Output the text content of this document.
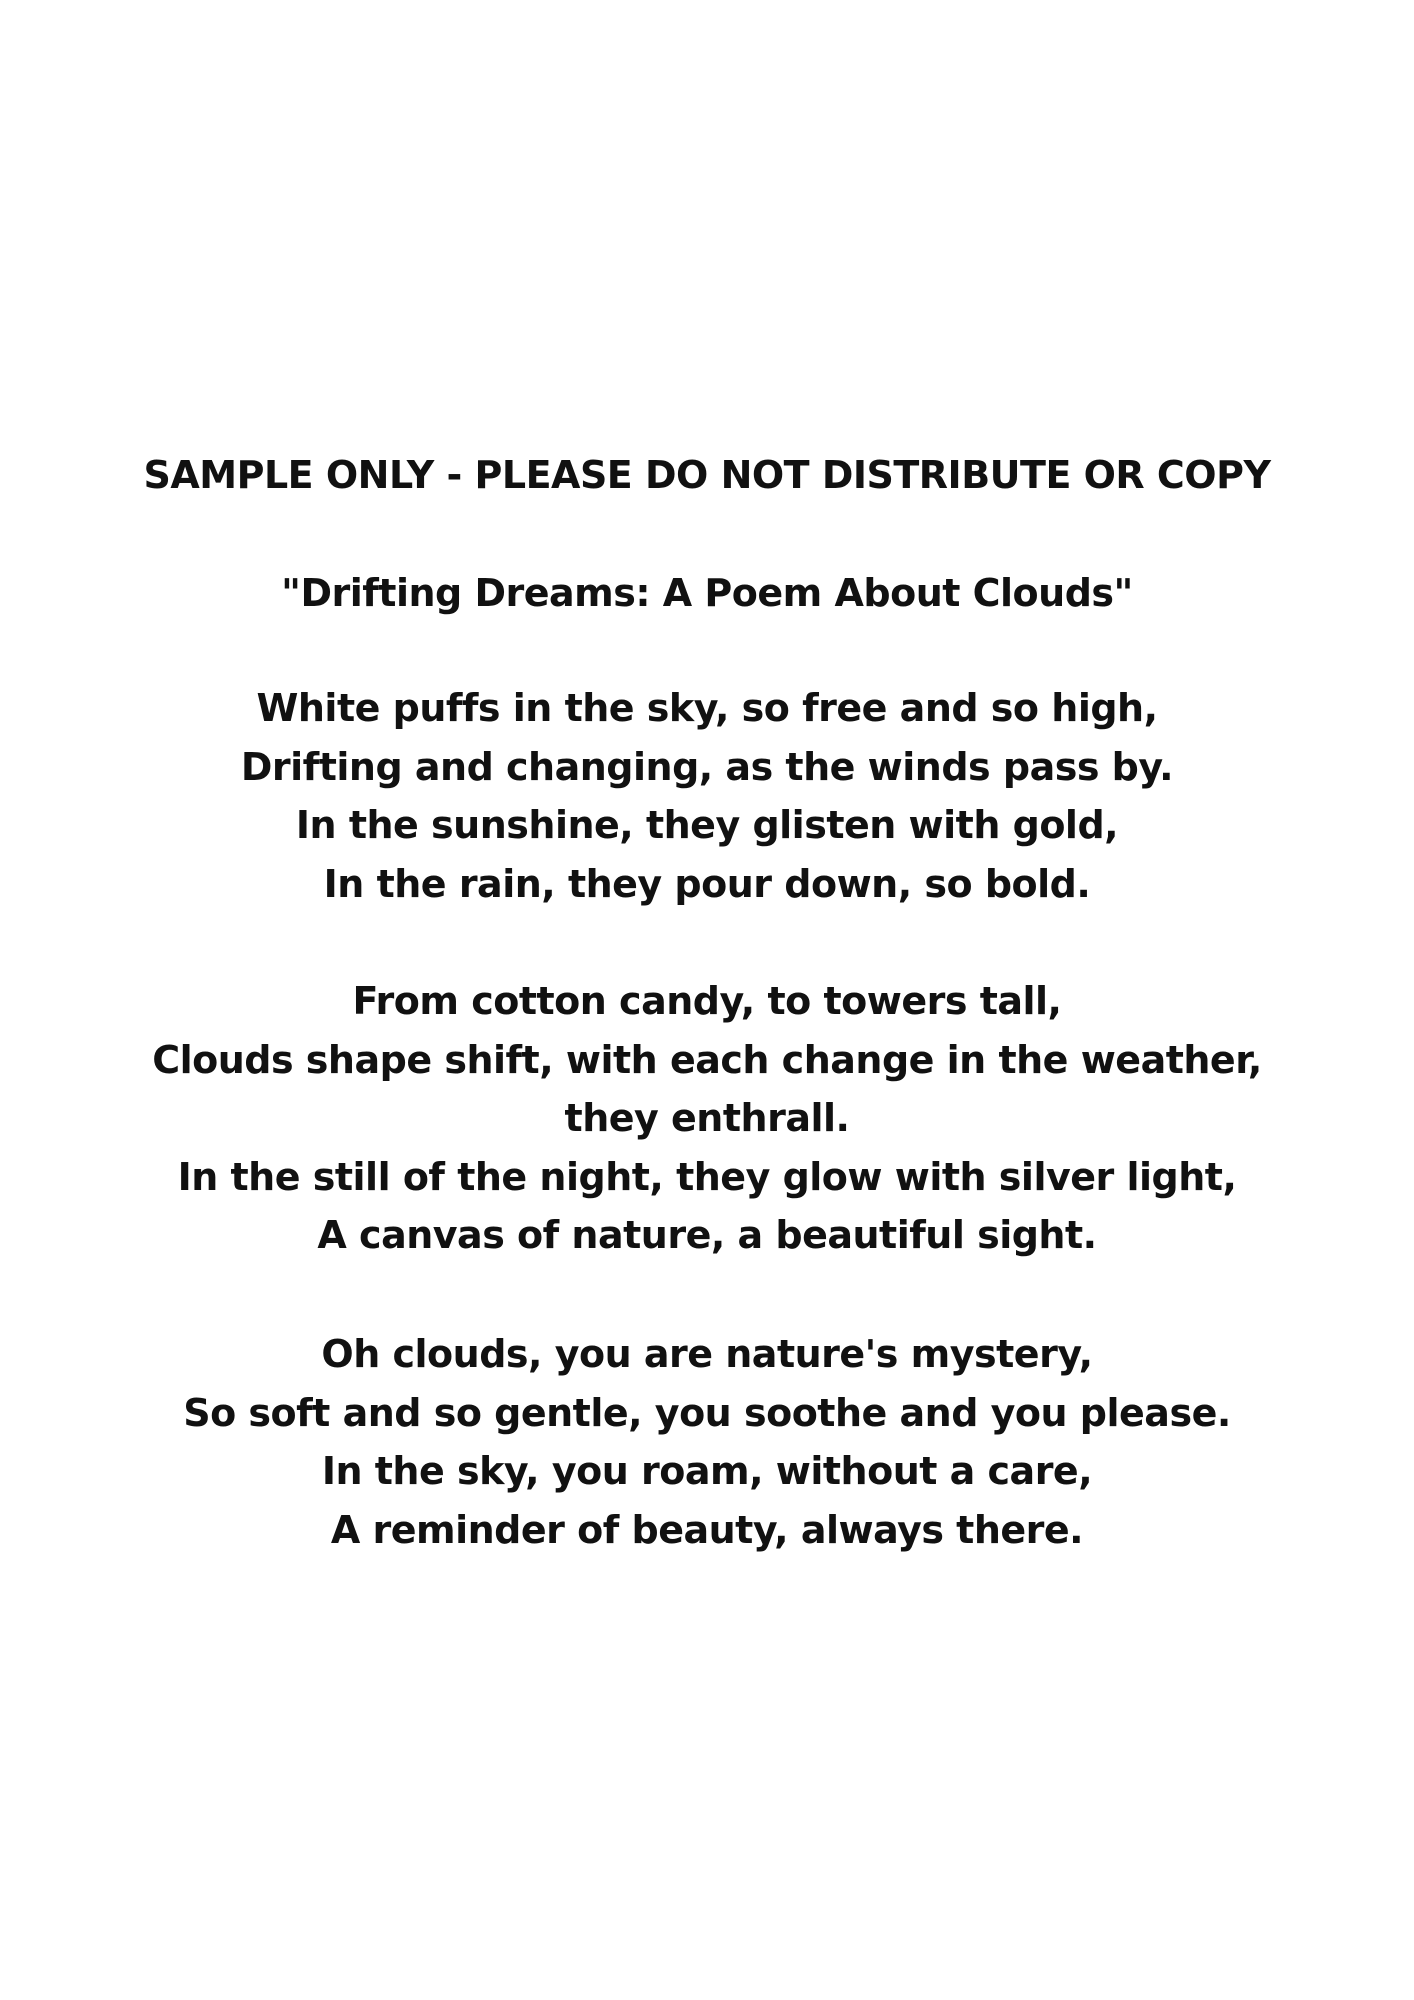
SAMPLE ONLY - PLEASE DO NOT DISTRIBUTE OR COPY

"Drifting Dreams: A Poem About Clouds"

White puffs in the sky, so free and so high,
Drifting and changing, as the winds pass by.
In the sunshine, they glisten with gold,
In the rain, they pour down, so bold.
From cotton candy, to towers tall,
Clouds shape shift, with each change in the weather,
they enthrall.
In the still of the night, they glow with silver light,
A canvas of nature, a beautiful sight.
Oh clouds, you are nature's mystery,
So soft and so gentle, you soothe and you please.
In the sky, you roam, without a care,
A reminder of beauty, always there.
